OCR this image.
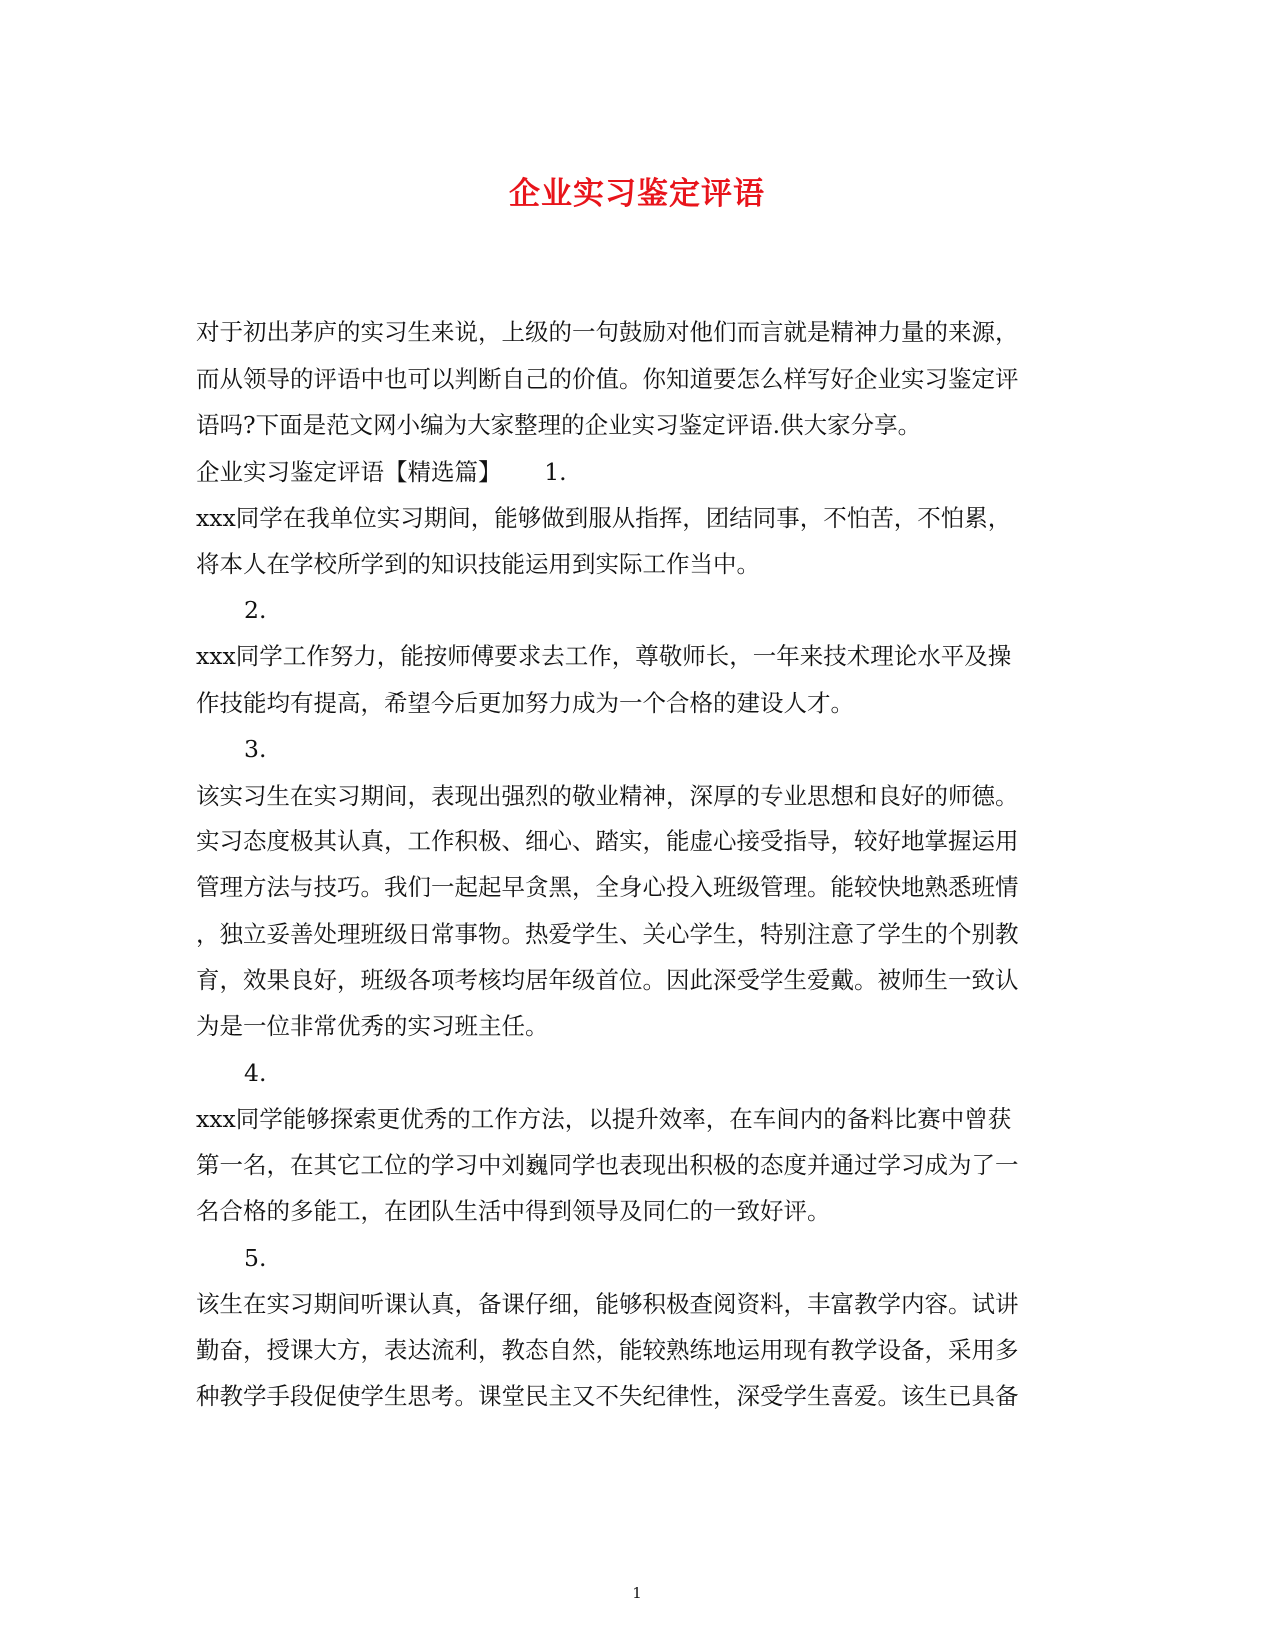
企业实习鉴定评语
对于初出茅庐的实习生来说，上级的一句鼓励对他们而言就是精神力量的来源，
而从领导的评语中也可以判断自己的价值。你知道要怎么样写好企业实习鉴定评
语吗?下面是范文网小编为大家整理的企业实习鉴定评语.供大家分享。
企业实习鉴定评语【精选篇】　　 1.
xxx同学在我单位实习期间，能够做到服从指挥，团结同事，不怕苦，不怕累，
将本人在学校所学到的知识技能运用到实际工作当中。
2.
xxx同学工作努力，能按师傅要求去工作，尊敬师长，一年来技术理论水平及操
作技能均有提高，希望今后更加努力成为一个合格的建设人才。
3.
该实习生在实习期间，表现出强烈的敬业精神，深厚的专业思想和良好的师德。
实习态度极其认真，工作积极、细心、踏实，能虚心接受指导，较好地掌握运用
管理方法与技巧。我们一起起早贪黑，全身心投入班级管理。能较快地熟悉班情
，独立妥善处理班级日常事物。热爱学生、关心学生，特别注意了学生的个别教
育，效果良好，班级各项考核均居年级首位。因此深受学生爱戴。被师生一致认
为是一位非常优秀的实习班主任。
4.
xxx同学能够探索更优秀的工作方法，以提升效率，在车间内的备料比赛中曾获
第一名，在其它工位的学习中刘巍同学也表现出积极的态度并通过学习成为了一
名合格的多能工，在团队生活中得到领导及同仁的一致好评。
5.
该生在实习期间听课认真，备课仔细，能够积极查阅资料，丰富教学内容。试讲
勤奋，授课大方，表达流利，教态自然，能较熟练地运用现有教学设备，采用多
种教学手段促使学生思考。课堂民主又不失纪律性，深受学生喜爱。该生已具备
1
